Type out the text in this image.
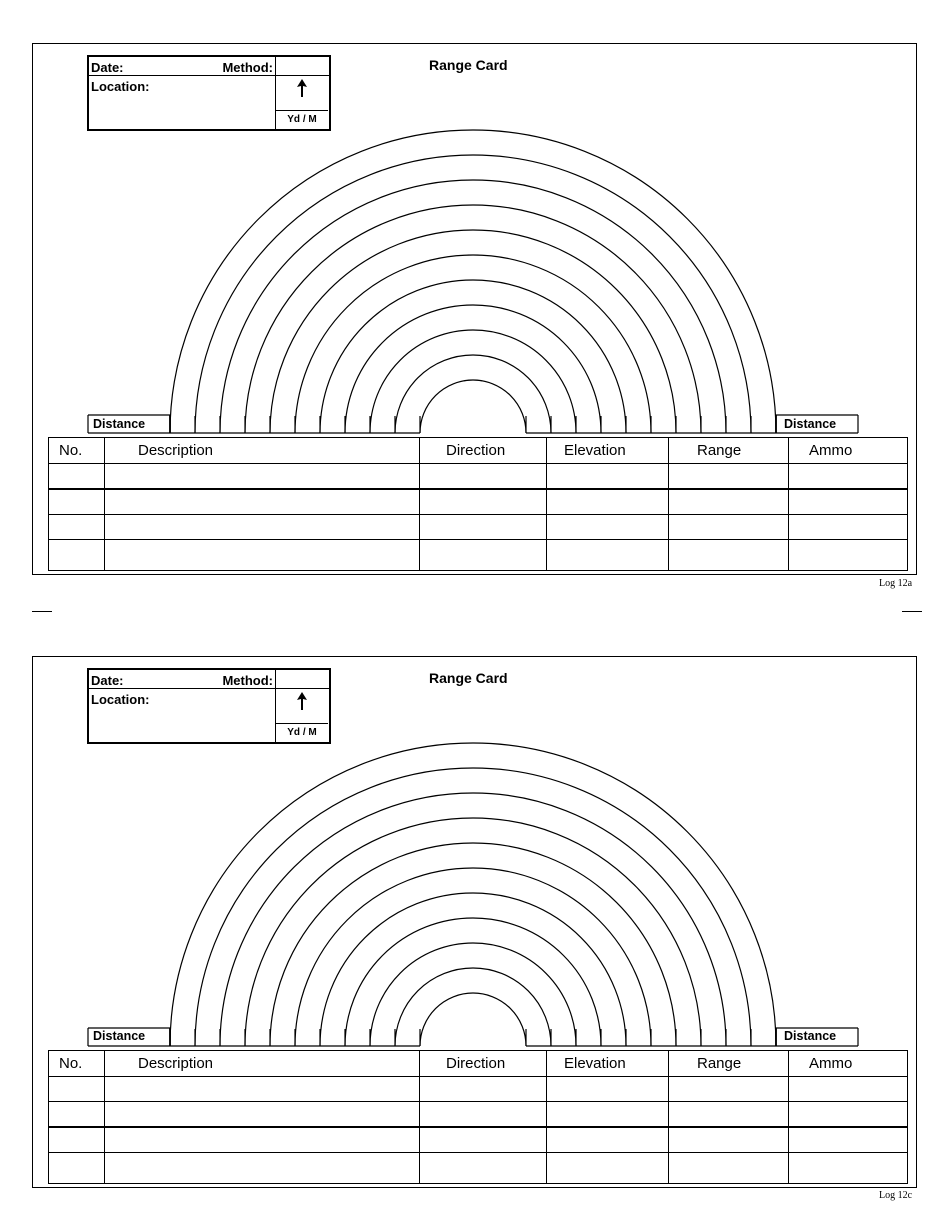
Date:
Location:
Method:
Yd / M
Range Card
Distance	Distance
No.	Description	Direction	Elevation	Range	Ammo

Log 12a
Date:
Location:
Method:
Yd / M
Range Card
Distance	Distance
No.	Description	Direction	Elevation	Range	Ammo

Log 12c
